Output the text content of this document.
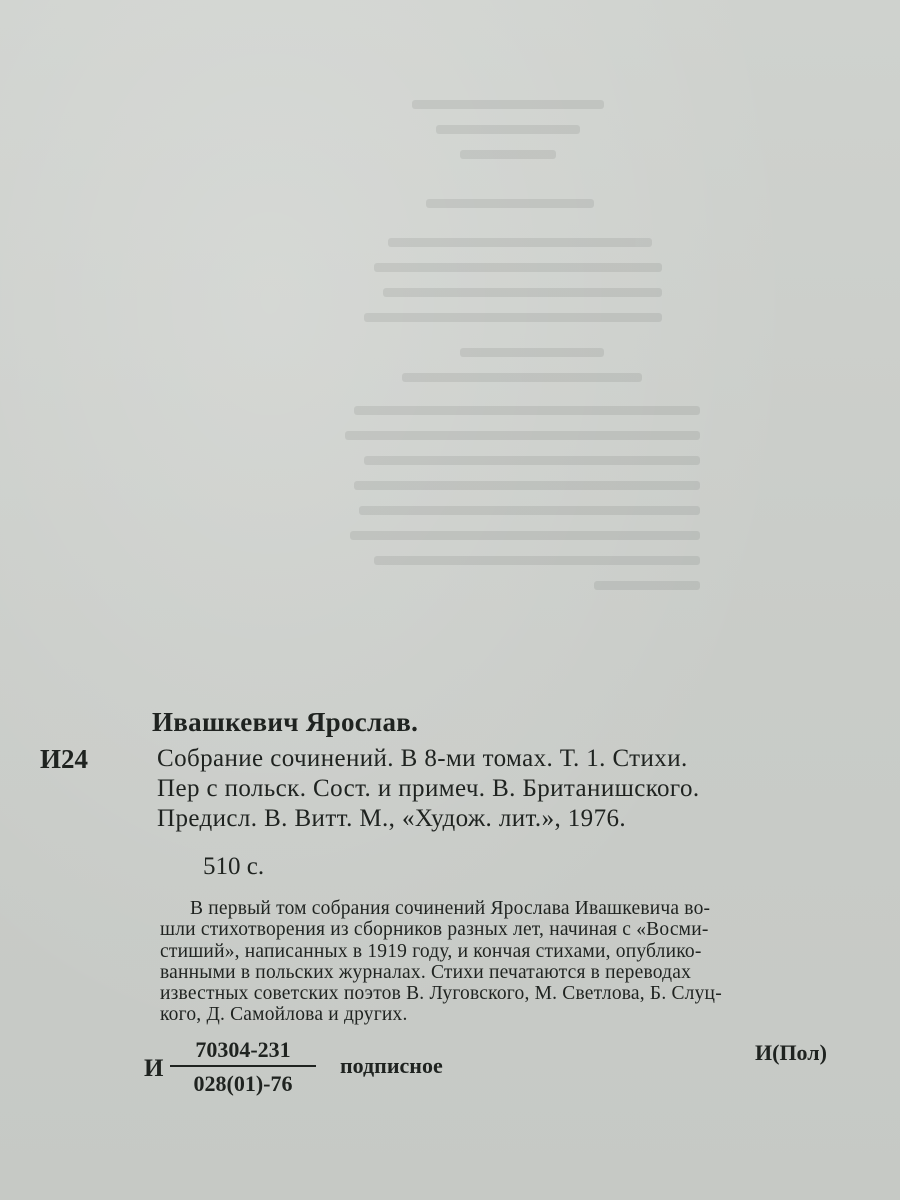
Ивашкевич Ярослав.
И24	Собрание сочинений. В 8-ми томах. Т. 1. Стихи.
Пер с польск. Сост. и примеч. В. Британишского.
Предисл. В. Витт. М., «Худож. лит.», 1976.
510 с.
В первый том собрания сочинений Ярослава Ивашкевича во-
шли стихотворения из сборников разных лет, начиная с «Восми-
стиший», написанных в 1919 году, и кончая стихами, опублико-
ванными в польских журналах. Стихи печатаются в переводах
известных советских поэтов В. Луговского, М. Светлова, Б. Слуц-
кого, Д. Самойлова и других.
И
70304-231
028(01)-76
подписное
И(Пол)
